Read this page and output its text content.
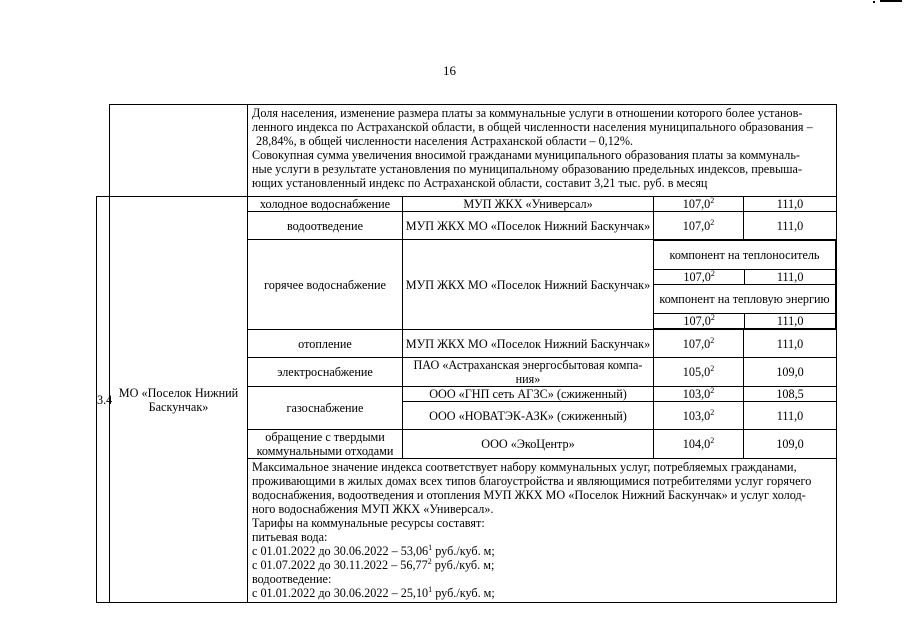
16

Доля населения, изменение размера платы за коммунальные услуги в отношении которого более установ-
ленного индекса по Астраханской области, в общей численности населения муниципального образования –
28,84%, в общей численности населения Астраханской области – 0,12%.
Совокупная сумма увеличения вносимой гражданами муниципального образования платы за коммуналь-
ные услуги в результате установления по муниципальному образованию предельных индексов, превыша-
ющих установленный индекс по Астраханской области, составит 3,21 тыс. руб. в месяц

3.4	МО «Поселок Нижний Баскунчак»	холодное водоснабжение	МУП ЖКХ «Универсал»	107,0$^2$	111,0
водоотведение	МУП ЖКХ МО «Поселок Нижний Баскунчак»	107,0$^2$	111,0
горячее водоснабжение	МУП ЖКХ МО «Поселок Нижний Баскунчак»	
компонент на теплоноситель
107,0$^2$	111,0
компонент на тепловую энергию
107,0$^2$	111,0

отопление	МУП ЖКХ МО «Поселок Нижний Баскунчак»	107,0$^2$	111,0
электроснабжение	ПАО «Астраханская энергосбытовая компа-ния»	105,0$^2$	109,0
газоснабжение	ООО «ГНП сеть АГЗС» (сжиженный)	103,0$^2$	108,5
ООО «НОВАТЭК-АЗК» (сжиженный)	103,0$^2$	111,0
обращение с твердыми коммунальными отходами	ООО «ЭкоЦентр»	104,0$^2$	109,0

Максимальное значение индекса соответствует набору коммунальных услуг, потребляемых гражданами,
проживающими в жилых домах всех типов благоустройства и являющимися потребителями услуг горячего
водоснабжения, водоотведения и отопления МУП ЖКХ МО «Поселок Нижний Баскунчак» и услуг холод-
ного водоснабжения МУП ЖКХ «Универсал».
Тарифы на коммунальные ресурсы составят:
питьевая вода:
с 01.01.2022 до 30.06.2022 – 53,06$^1$ руб./куб. м;
с 01.07.2022 до 30.11.2022 – 56,77$^2$ руб./куб. м;
водоотведение:
с 01.01.2022 до 30.06.2022 – 25,10$^1$ руб./куб. м;
